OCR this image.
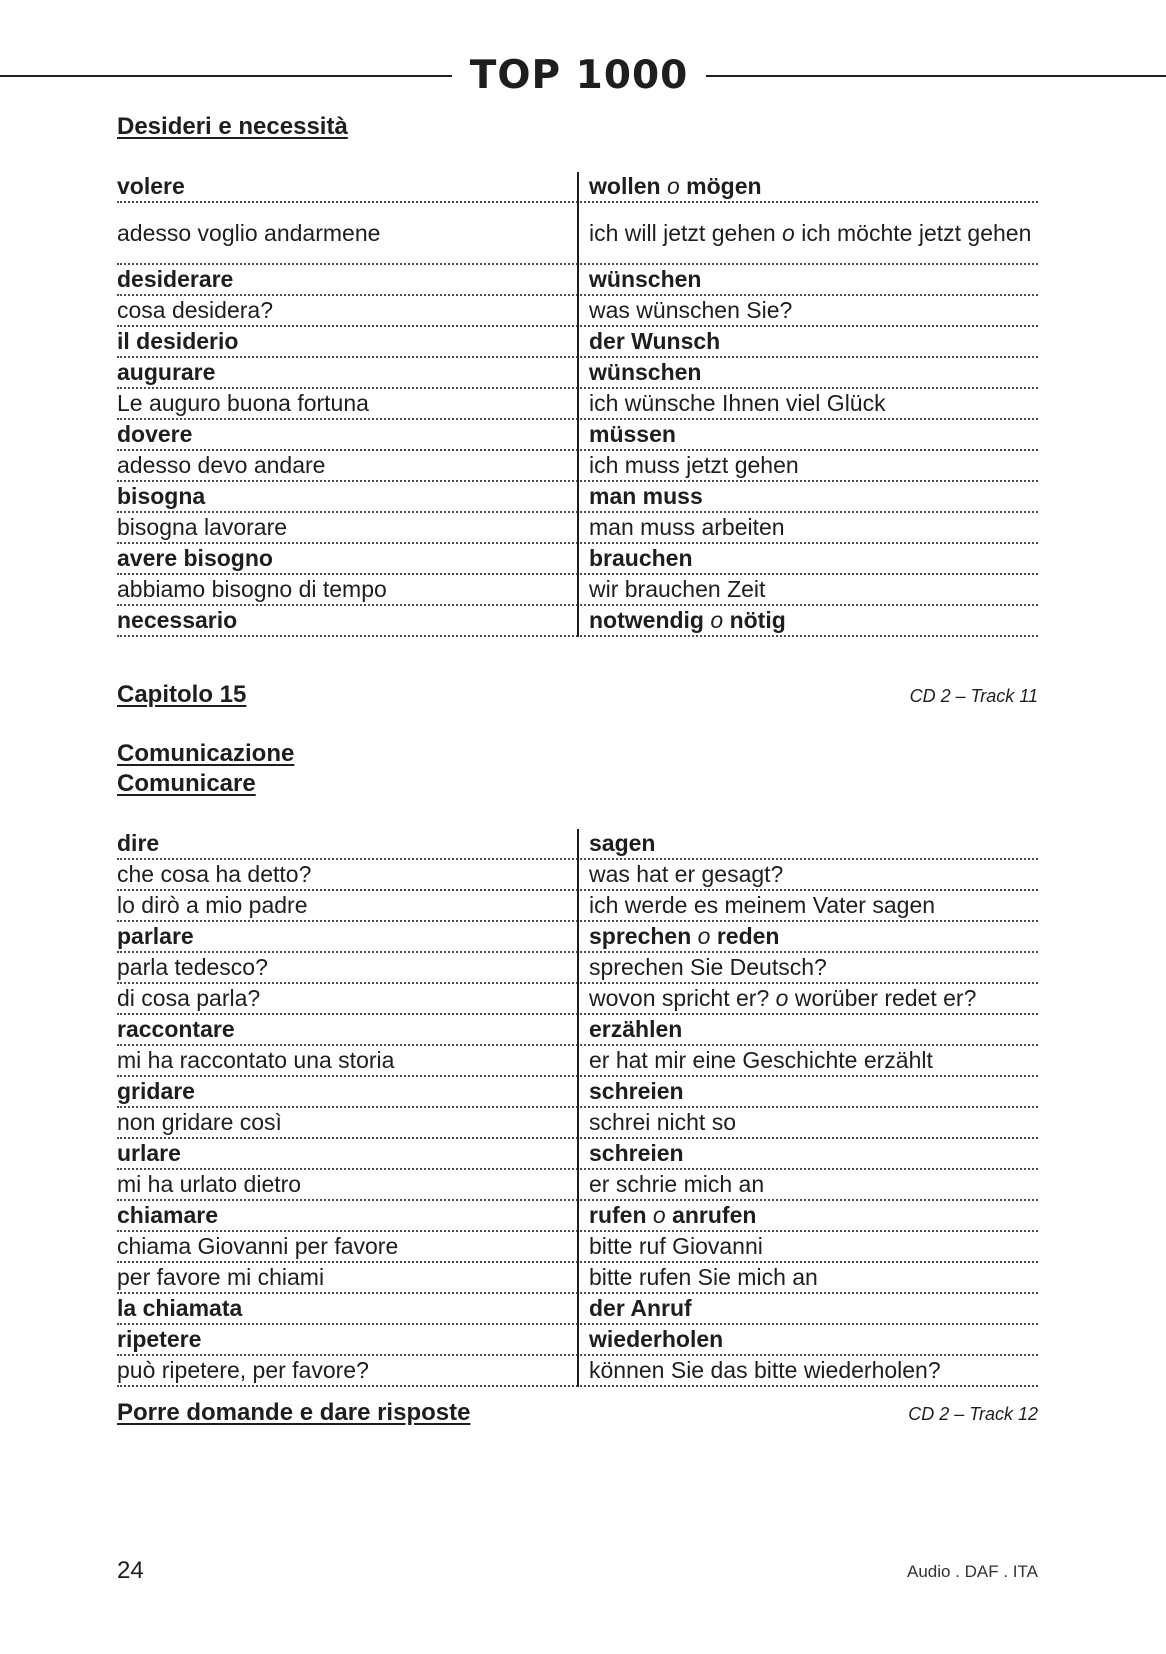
TOP 1000
Desideri e necessità
volere	wollen o mögen
adesso voglio andarmene	ich will jetzt gehen o ich möchte jetzt gehen
desiderare	wünschen
cosa desidera?	was wünschen Sie?
il desiderio	der Wunsch
augurare	wünschen
Le auguro buona fortuna	ich wünsche Ihnen viel Glück
dovere	müssen
adesso devo andare	ich muss jetzt gehen
bisogna	man muss
bisogna lavorare	man muss arbeiten
avere bisogno	brauchen
abbiamo bisogno di tempo	wir brauchen Zeit
necessario	notwendig o nötig
Capitolo 15	CD 2 – Track 11
Comunicazione
Comunicare
dire	sagen
che cosa ha detto?	was hat er gesagt?
lo dirò a mio padre	ich werde es meinem Vater sagen
parlare	sprechen o reden
parla tedesco?	sprechen Sie Deutsch?
di cosa parla?	wovon spricht er? o worüber redet er?
raccontare	erzählen
mi ha raccontato una storia	er hat mir eine Geschichte erzählt
gridare	schreien
non gridare così	schrei nicht so
urlare	schreien
mi ha urlato dietro	er schrie mich an
chiamare	rufen o anrufen
chiama Giovanni per favore	bitte ruf Giovanni
per favore mi chiami	bitte rufen Sie mich an
la chiamata	der Anruf
ripetere	wiederholen
può ripetere, per favore?	können Sie das bitte wiederholen?
Porre domande e dare risposte	CD 2 – Track 12
24	Audio . DAF . ITA
